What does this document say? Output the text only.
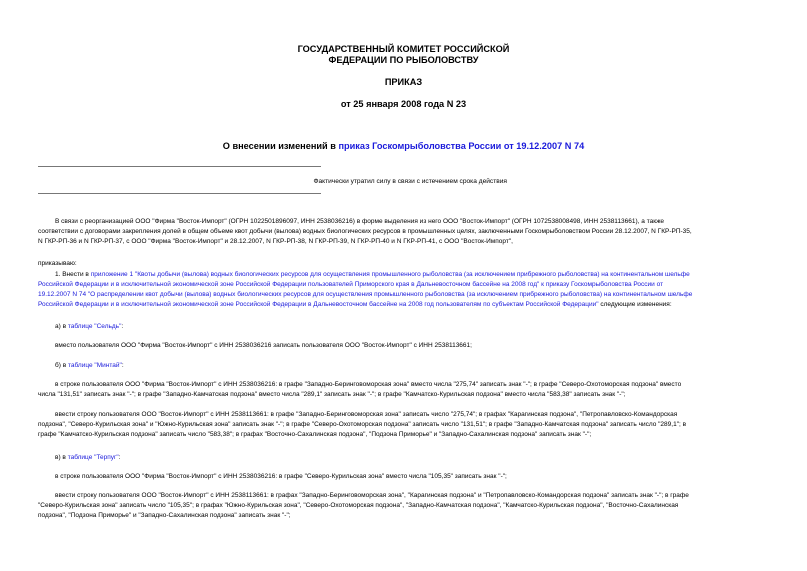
ГОСУДАРСТВЕННЫЙ КОМИТЕТ РОССИЙСКОЙ
ФЕДЕРАЦИИ ПО РЫБОЛОВСТВУ
ПРИКАЗ
от 25 января 2008 года N 23
О внесении изменений в приказ Госкомрыболовства России от 19.12.2007 N 74
Фактически утратил силу в связи с истечением срока действия
В связи с реорганизацией ООО "Фирма "Восток-Импорт" (ОГРН 1022501896097, ИНН 2538036216) в форме выделения из него ООО "Восток-Импорт" (ОГРН 1072538008498, ИНН 2538113661), а также
соответствии с договорами закрепления долей в общем объеме квот добычи (вылова) водных биологических ресурсов в промышленных целях, заключенными Госкомрыболовством России 28.12.2007, N ГКР-РП-35,
N ГКР-РП-36 и N ГКР-РП-37, с ООО "Фирма "Восток-Импорт" и 28.12.2007, N ГКР-РП-38, N ГКР-РП-39, N ГКР-РП-40 и N ГКР-РП-41, с ООО "Восток-Импорт",
приказываю:
1. Внести в приложение 1 "Квоты добычи (вылова) водных биологических ресурсов для осуществления промышленного рыболовства (за исключением прибрежного рыболовства) на континентальном шельфе
Российской Федерации и в исключительной экономической зоне Российской Федерации пользователей Приморского края в Дальневосточном бассейне на 2008 год" к приказу Госкомрыболовства России от
19.12.2007 N 74 "О распределении квот добычи (вылова) водных биологических ресурсов для осуществления промышленного рыболовства (за исключением прибрежного рыболовства) на континентальном шельфе
Российской Федерации и в исключительной экономической зоне Российской Федерации в Дальневосточном бассейне на 2008 год пользователям по субъектам Российской Федерации" следующие изменения:
а) в таблице "Сельдь":
вместо пользователя ООО "Фирма "Восток-Импорт" с ИНН 2538036216 записать пользователя ООО "Восток-Импорт" с ИНН 2538113661;
б) в таблице "Минтай":
в строке пользователя ООО "Фирма "Восток-Импорт" с ИНН 2538036216: в графе "Западно-Беринговоморская зона" вместо числа "275,74" записать знак "-"; в графе "Северо-Охотоморская подзона" вместо
числа "131,51" записать знак "-"; в графе "Западно-Камчатская подзона" вместо числа "289,1" записать знак "-"; в графе "Камчатско-Курильская подзона" вместо числа "583,38" записать знак "-";
ввести строку пользователя ООО "Восток-Импорт" с ИНН 2538113661: в графе "Западно-Беринговоморская зона" записать число "275,74"; в графах "Карагинская подзона", "Петропавловско-Командорская
подзона", "Северо-Курильская зона" и "Южно-Курильская зона" записать знак "-"; в графе "Северо-Охотоморская подзона" записать число "131,51"; в графе "Западно-Камчатская подзона" записать число "289,1"; в
графе "Камчатско-Курильская подзона" записать число "583,38"; в графах "Восточно-Сахалинская подзона", "Подзона Приморье" и "Западно-Сахалинская подзона" записать знак "-";
в) в таблице "Терпуг":
в строке пользователя ООО "Фирма "Восток-Импорт" с ИНН 2538036216: в графе "Северо-Курильская зона" вместо числа "105,35" записать знак "-";
ввести строку пользователя ООО "Восток-Импорт" с ИНН 2538113661: в графах "Западно-Беринговоморская зона", "Карагинская подзона" и "Петропавловско-Командорская подзона" записать знак "-"; в графе
"Северо-Курильская зона" записать число "105,35"; в графах "Южно-Курильская зона", "Северо-Охотоморская подзона", "Западно-Камчатская подзона", "Камчатско-Курильская подзона", "Восточно-Сахалинская
подзона", "Подзона Приморье" и "Западно-Сахалинская подзона" записать знак "-";
